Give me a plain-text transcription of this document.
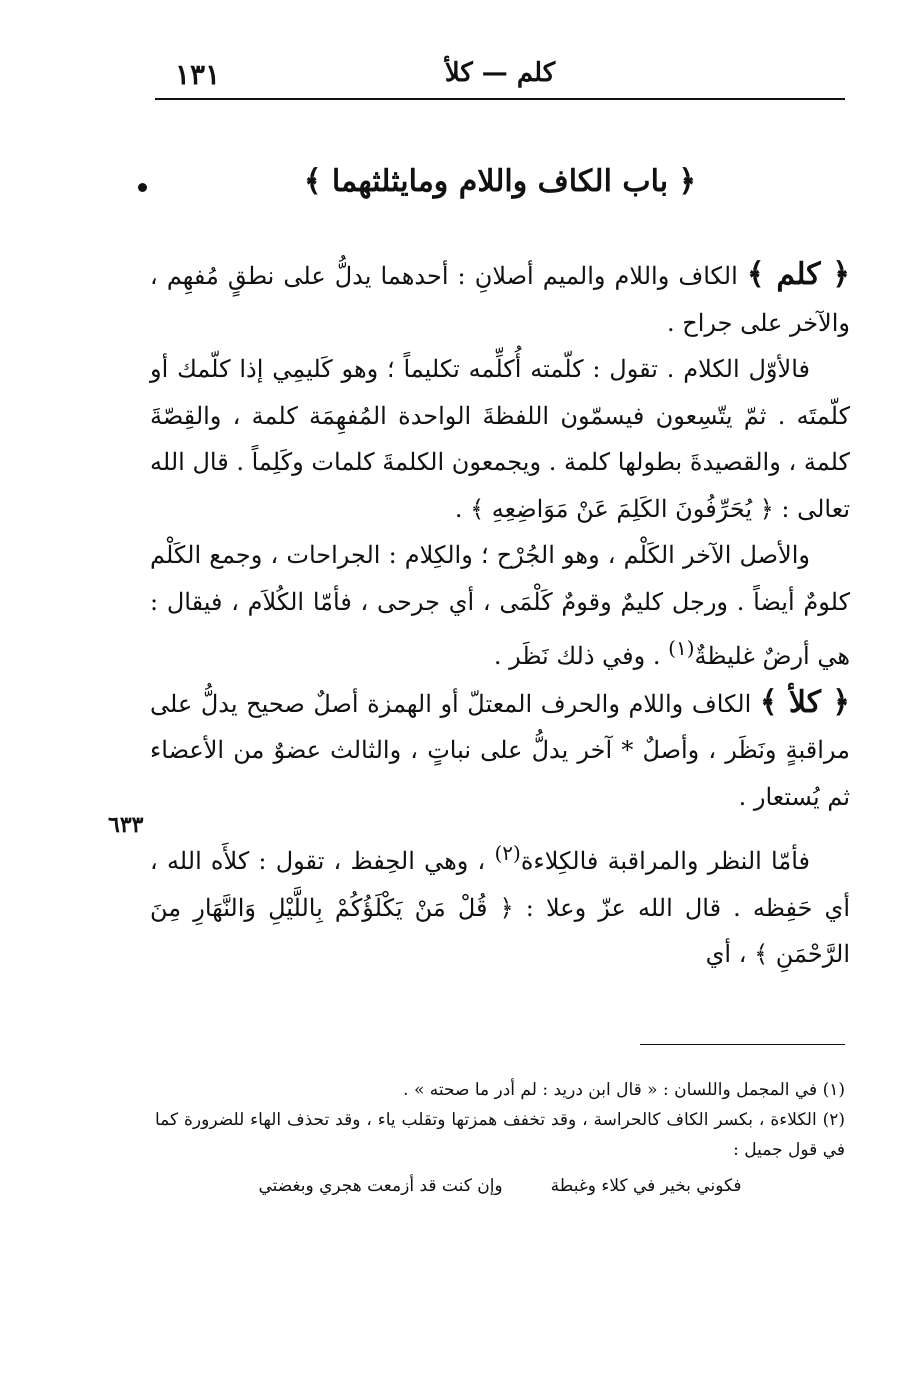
١٣١	كلم — كلأ
﴿ باب الكاف واللام ومايثلثهما ﴾

﴿ كلم ﴾ الكاف واللام والميم أصلانِ : أحدهما يدلُّ على نطقٍ مُفهِم ، والآخر على جراح .

فالأوّل الكلام . تقول : كلّمته أُكلِّمه تكليماً ؛ وهو كَليمِي إذا كلّمك أو كلّمتَه . ثمّ يتّسِعون فيسمّون اللفظةَ الواحدة المُفهِمَة كلمة ، والقِصّةَ كلمة ، والقصيدةَ بطولها كلمة . ويجمعون الكلمةَ كلمات وكَلِماً . قال الله تعالى : ﴿ يُحَرِّفُونَ الكَلِمَ عَنْ مَوَاضِعِهِ ﴾ .

والأصل الآخر الكَلْم ، وهو الجُرْح ؛ والكِلام : الجراحات ، وجمع الكَلْم كلومٌ أيضاً . ورجل كليمٌ وقومٌ كَلْمَى ، أي جرحى ، فأمّا الكُلاَم ، فيقال : هي أرضٌ غليظةٌ$^{(١)}$ . وفي ذلك نَظَر .

﴿ كلأ ﴾ الكاف واللام والحرف المعتلّ أو الهمزة أصلٌ صحيح يدلُّ على مراقبةٍ ونَظَر ، وأصلٌ * آخر يدلُّ على نباتٍ ، والثالث عضوٌ من الأعضاء ثم يُستعار .

فأمّا النظر والمراقبة فالكِلاءة$^{(٢)}$ ، وهي الحِفظ ، تقول : كلأَه الله ، أي حَفِظه . قال الله عزّ وعلا : ﴿ قُلْ مَنْ يَكْلَؤُكُمْ بِاللَّيْلِ وَالنَّهَارِ مِنَ الرَّحْمَنِ ﴾ ، أي

٦٣٣

(١) في المجمل واللسان : « قال ابن دريد : لم أدر ما صحته » .

(٢) الكلاءة ، بكسر الكاف كالحراسة ، وقد تخفف همزتها وتقلب ياء ، وقد تحذف الهاء للضرورة كما في قول جميل :

فكوني بخير في كلاء وغبطة
وإن كنت قد أزمعت هجري وبغضتي
